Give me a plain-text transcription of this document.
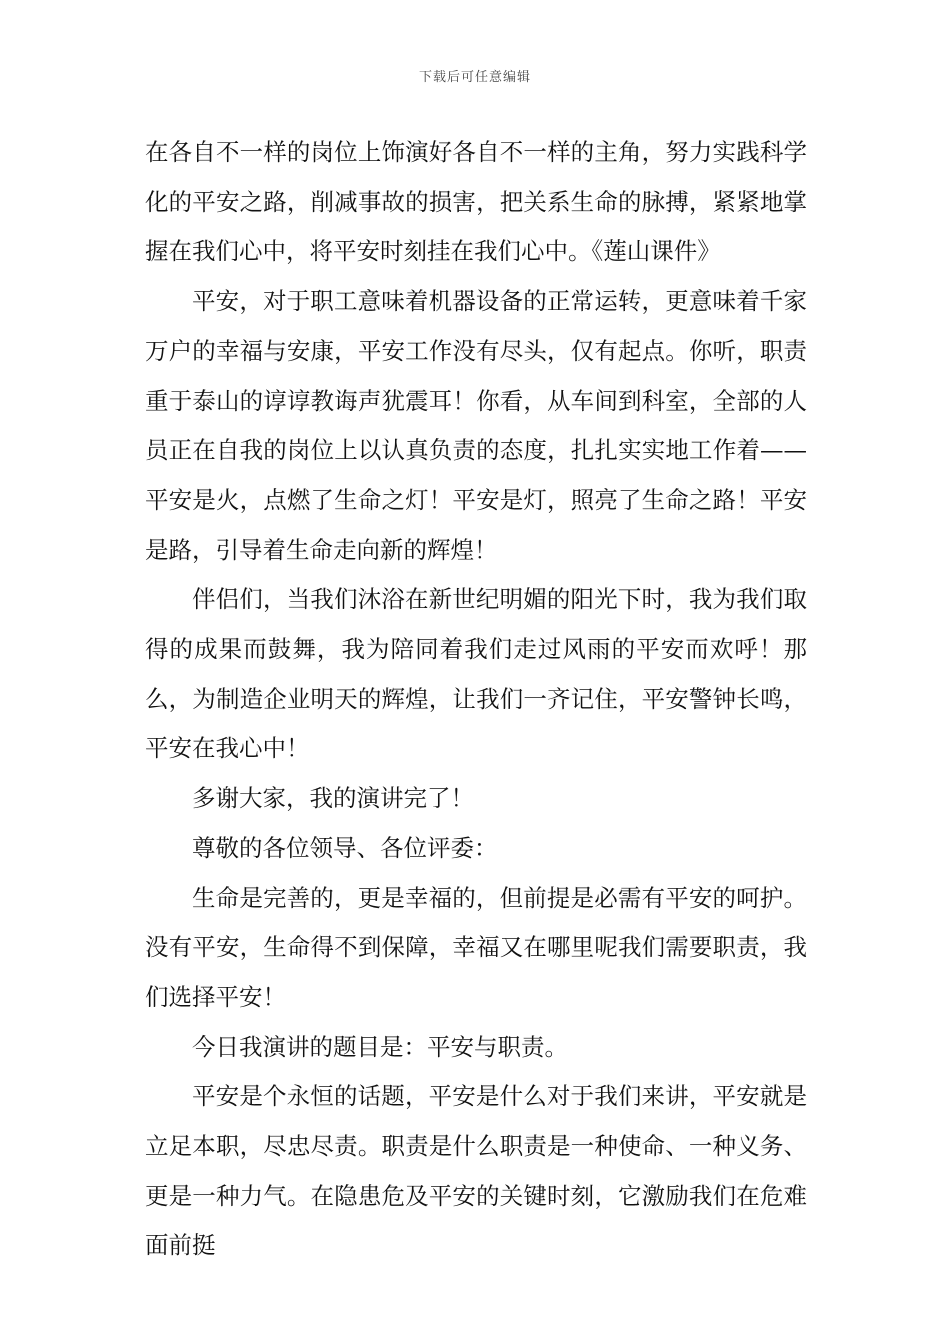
下载后可任意编辑

在各自不一样的岗位上饰演好各自不一样的主角，努力实践科学化的平安之路，削减事故的损害，把关系生命的脉搏，紧紧地掌握在我们心中，将平安时刻挂在我们心中。《莲山课件》

平安，对于职工意味着机器设备的正常运转，更意味着千家万户的幸福与安康，平安工作没有尽头，仅有起点。你听，职责重于泰山的谆谆教诲声犹震耳！你看，从车间到科室，全部的人员正在自我的岗位上以认真负责的态度，扎扎实实地工作着——平安是火，点燃了生命之灯！平安是灯，照亮了生命之路！平安是路，引导着生命走向新的辉煌！

伴侣们，当我们沐浴在新世纪明媚的阳光下时，我为我们取得的成果而鼓舞，我为陪同着我们走过风雨的平安而欢呼！那么，为制造企业明天的辉煌，让我们一齐记住，平安警钟长鸣，平安在我心中！

多谢大家，我的演讲完了！

尊敬的各位领导、各位评委：

生命是完善的，更是幸福的，但前提是必需有平安的呵护。没有平安，生命得不到保障，幸福又在哪里呢我们需要职责，我们选择平安！

今日我演讲的题目是：平安与职责。

平安是个永恒的话题，平安是什么对于我们来讲，平安就是立足本职，尽忠尽责。职责是什么职责是一种使命、一种义务、更是一种力气。在隐患危及平安的关键时刻，它激励我们在危难面前挺
